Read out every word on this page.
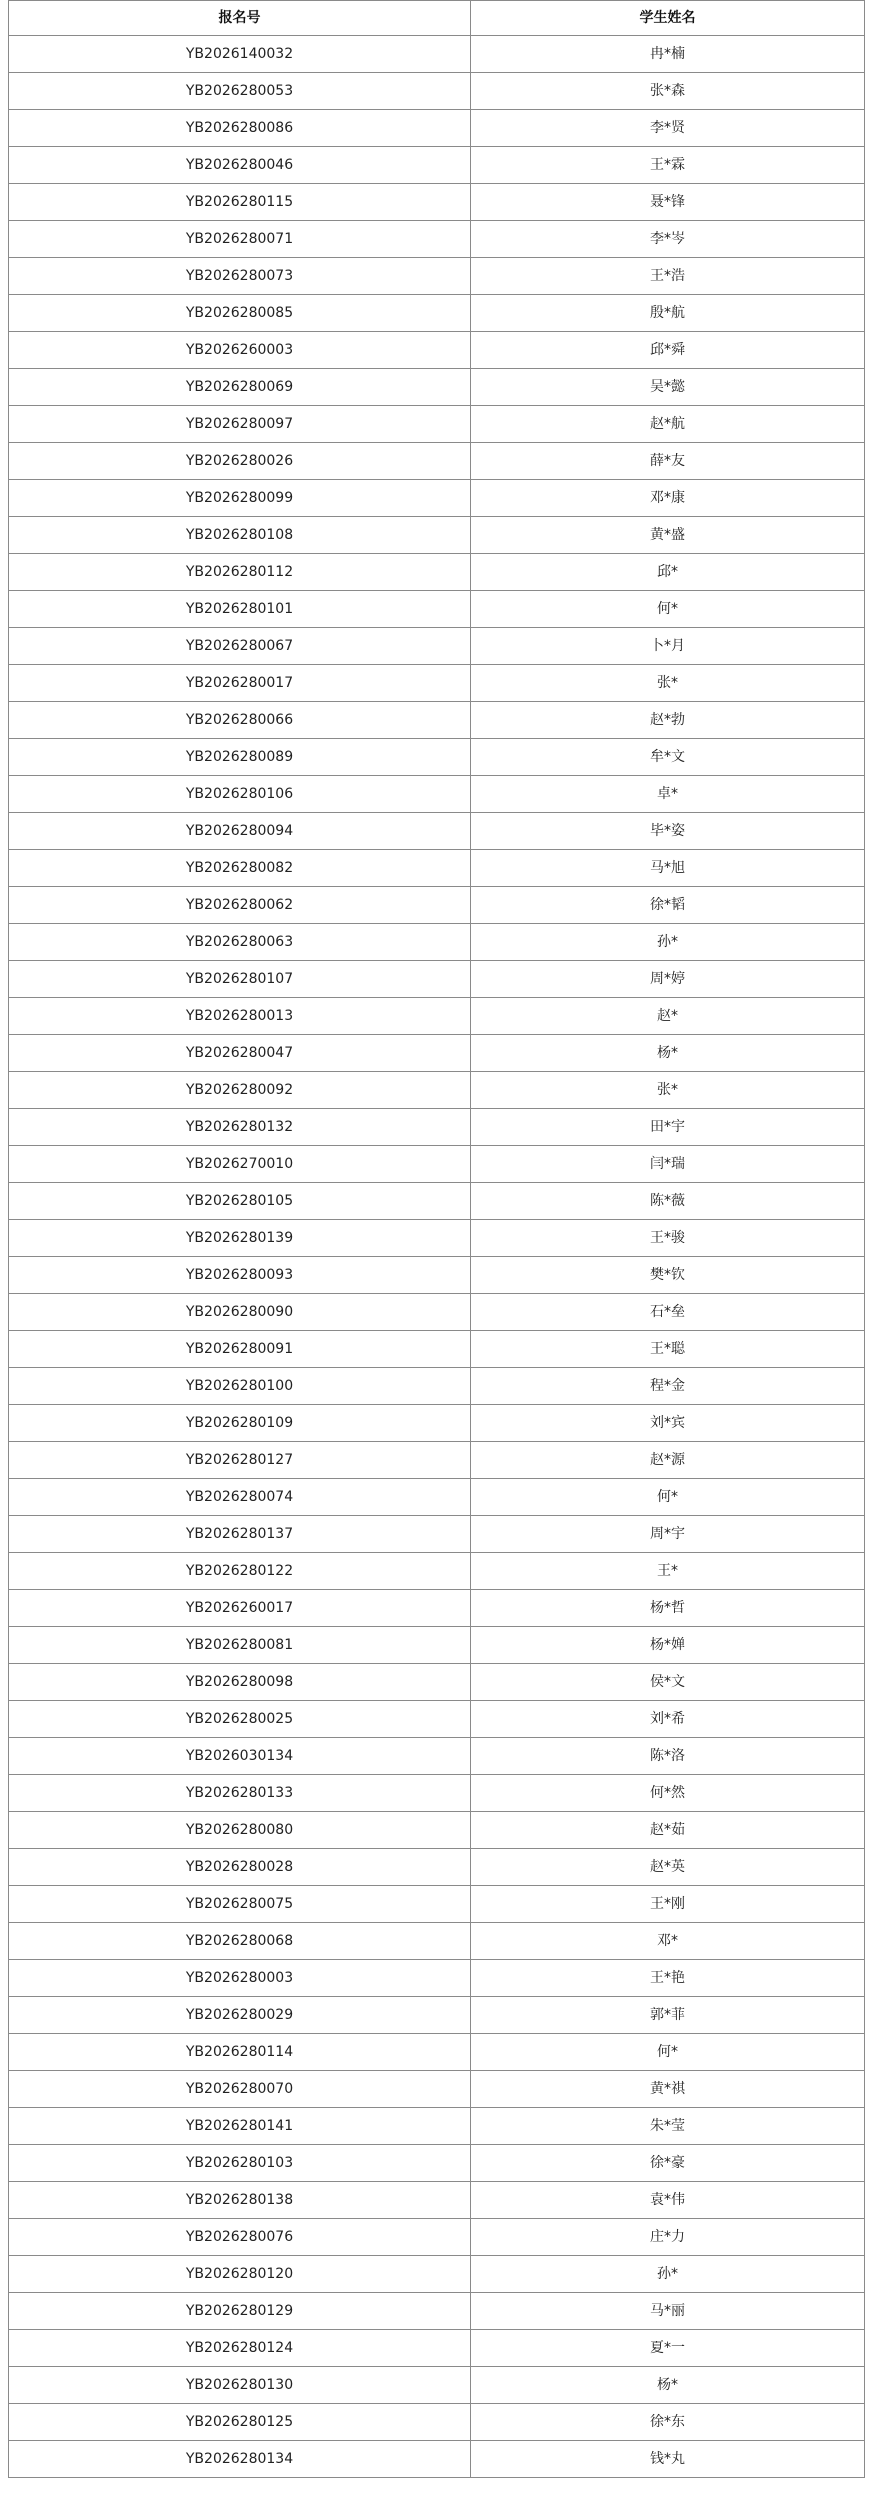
报名号	学生姓名
YB2026140032	冉*楠
YB2026280053	张*森
YB2026280086	李*贤
YB2026280046	王*霖
YB2026280115	聂*锋
YB2026280071	李*岑
YB2026280073	王*浩
YB2026280085	殷*航
YB2026260003	邱*舜
YB2026280069	吴*懿
YB2026280097	赵*航
YB2026280026	薛*友
YB2026280099	邓*康
YB2026280108	黄*盛
YB2026280112	邱*
YB2026280101	何*
YB2026280067	卜*月
YB2026280017	张*
YB2026280066	赵*勃
YB2026280089	牟*文
YB2026280106	卓*
YB2026280094	毕*姿
YB2026280082	马*旭
YB2026280062	徐*韬
YB2026280063	孙*
YB2026280107	周*婷
YB2026280013	赵*
YB2026280047	杨*
YB2026280092	张*
YB2026280132	田*宇
YB2026270010	闫*瑞
YB2026280105	陈*薇
YB2026280139	王*骏
YB2026280093	樊*钦
YB2026280090	石*垒
YB2026280091	王*聪
YB2026280100	程*金
YB2026280109	刘*宾
YB2026280127	赵*源
YB2026280074	何*
YB2026280137	周*宇
YB2026280122	王*
YB2026260017	杨*哲
YB2026280081	杨*婵
YB2026280098	侯*文
YB2026280025	刘*希
YB2026030134	陈*洛
YB2026280133	何*然
YB2026280080	赵*茹
YB2026280028	赵*英
YB2026280075	王*刚
YB2026280068	邓*
YB2026280003	王*艳
YB2026280029	郭*菲
YB2026280114	何*
YB2026280070	黄*祺
YB2026280141	朱*莹
YB2026280103	徐*豪
YB2026280138	袁*伟
YB2026280076	庄*力
YB2026280120	孙*
YB2026280129	马*丽
YB2026280124	夏*一
YB2026280130	杨*
YB2026280125	徐*东
YB2026280134	钱*丸
